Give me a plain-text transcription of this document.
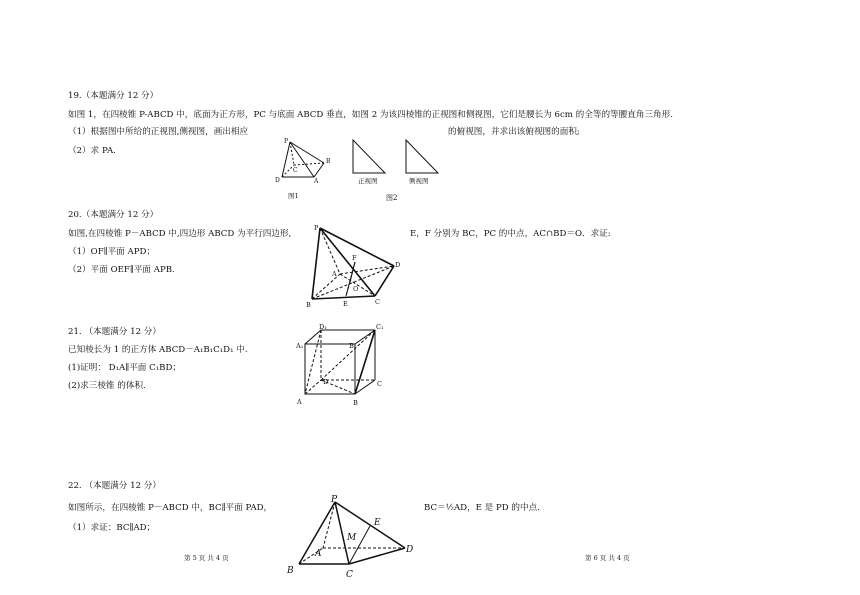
19.（本题满分 12 分）
如图 1，在四棱锥 P-ABCD 中，底面为正方形，PC 与底面 ABCD 垂直，如图 2 为该四棱锥的正视图和侧视图，它们是腰长为 6cm 的全等的等腰直角三角形.
（1）根据图中所给的正视图,侧视图，画出相应	的俯视图，并求出该俯视图的面积;
（2）求 PA.
P
B
C
D	A
图1
正视图	侧视图
图2
20.（本题满分 12 分）
如图,在四棱锥 P－ABCD 中,四边形 ABCD 为平行四边形,	E，F 分别为 BC，PC 的中点，AC∩BD＝O．求证:
（1）OF∥平面 APD；
（2）平面 OEF∥平面 APB．
P
F
A
O
D
B	E	C
21. （本题满分 12 分）
已知棱长为 1 的正方体 ABCD－A₁B₁C₁D₁ 中.
(1)证明： D₁A∥平面 C₁BD；
(2)求三棱锥 的体积.
D₁	C₁
A₁	B₁
D	C
A	B
22. （本题满分 12 分）
如图所示，在四棱锥 P－ABCD 中，BC∥平面 PAD，	BC＝½AD，E 是 PD 的中点.
（1）求证：BC∥AD；
P
E
M
D
A
B	C
第 5 页 共 4 页	第 6 页 共 4 页
